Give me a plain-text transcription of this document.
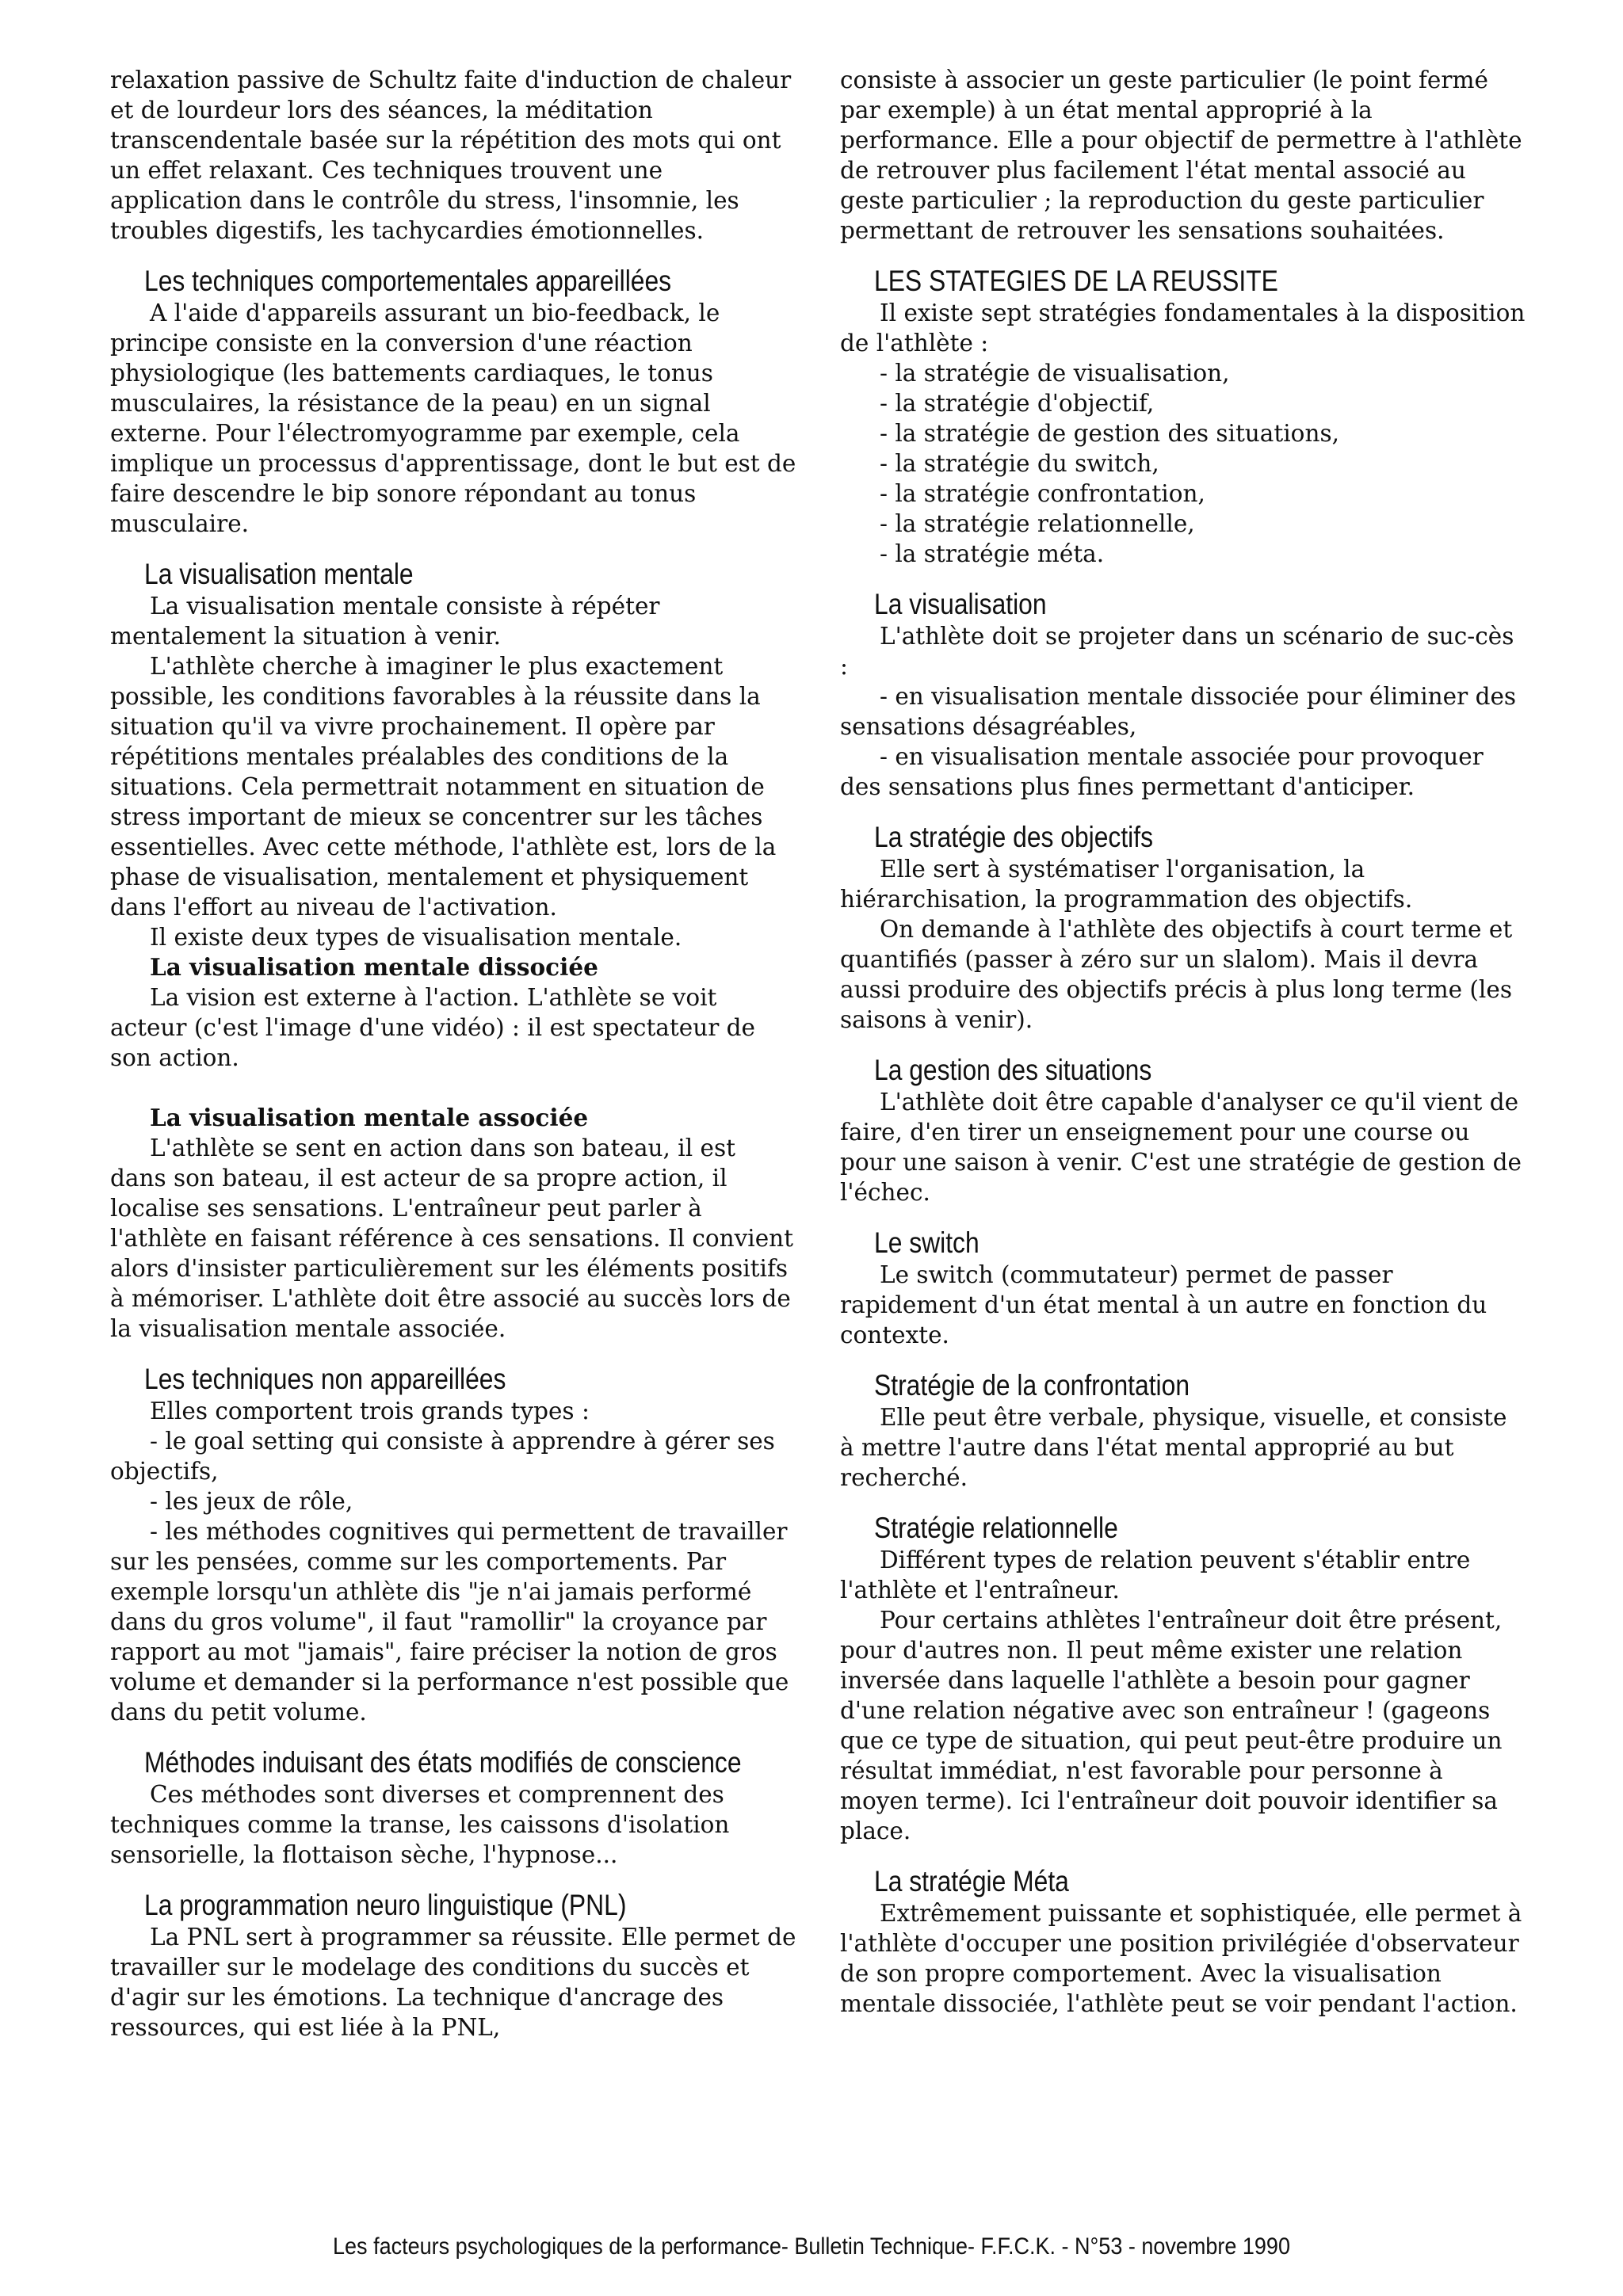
relaxation passive de Schultz faite d'induction de chaleur et de lourdeur lors des séances, la méditation transcendentale basée sur la répétition des mots qui ont un effet relaxant. Ces techniques trouvent une application dans le contrôle du stress, l'insomnie, les troubles digestifs, les tachycardies émotionnelles.

Les techniques comportementales appareillées

A l'aide d'appareils assurant un bio-feedback, le principe consiste en la conversion d'une réaction physiologique (les battements cardiaques, le tonus musculaires, la résistance de la peau) en un signal externe. Pour l'électromyogramme par exemple, cela implique un processus d'apprentissage, dont le but est de faire descendre le bip sonore répondant au tonus musculaire.

La visualisation mentale

La visualisation mentale consiste à répéter mentalement la situation à venir.

L'athlète cherche à imaginer le plus exactement possible, les conditions favorables à la réussite dans la situation qu'il va vivre prochainement. Il opère par répétitions mentales préalables des conditions de la situations. Cela permettrait notamment en situation de stress important de mieux se concentrer sur les tâches essentielles. Avec cette méthode, l'athlète est, lors de la phase de visualisation, mentalement et physiquement dans l'effort au niveau de l'activation.

Il existe deux types de visualisation mentale.

La visualisation mentale dissociée

La vision est externe à l'action. L'athlète se voit acteur (c'est l'image d'une vidéo) : il est spectateur de son action.

La visualisation mentale associée

L'athlète se sent en action dans son bateau, il est dans son bateau, il est acteur de sa propre action, il localise ses sensations. L'entraîneur peut parler à l'athlète en faisant référence à ces sensations. Il convient alors d'insister particulièrement sur les éléments positifs à mémoriser. L'athlète doit être associé au succès lors de la visualisation mentale associée.

Les techniques non appareillées

Elles comportent trois grands types :

- le goal setting qui consiste à apprendre à gérer ses objectifs,

- les jeux de rôle,

- les méthodes cognitives qui permettent de travailler sur les pensées, comme sur les comportements. Par exemple lorsqu'un athlète dis "je n'ai jamais performé dans du gros volume", il faut "ramollir" la croyance par rapport au mot "jamais", faire préciser la notion de gros volume et demander si la performance n'est possible que dans du petit volume.

Méthodes induisant des états modifiés de conscience

Ces méthodes sont diverses et comprennent des techniques comme la transe, les caissons d'isolation sensorielle, la flottaison sèche, l'hypnose...

La programmation neuro linguistique (PNL)

La PNL sert à programmer sa réussite. Elle permet de travailler sur le modelage des conditions du succès et d'agir sur les émotions. La technique d'ancrage des ressources, qui est liée à la PNL,

consiste à associer un geste particulier (le point fermé par exemple) à un état mental approprié à la performance. Elle a pour objectif de permettre à l'athlète de retrouver plus facilement l'état mental associé au geste particulier ; la reproduction du geste particulier permettant de retrouver les sensations souhaitées.

LES STATEGIES DE LA REUSSITE

Il existe sept stratégies fondamentales à la disposition de l'athlète :

- la stratégie de visualisation,

- la stratégie d'objectif,

- la stratégie de gestion des situations,

- la stratégie du switch,

- la stratégie confrontation,

- la stratégie relationnelle,

- la stratégie méta.

La visualisation

L'athlète doit se projeter dans un scénario de suc-cès :

- en visualisation mentale dissociée pour éliminer des sensations désagréables,

- en visualisation mentale associée pour provoquer des sensations plus fines permettant d'anticiper.

La stratégie des objectifs

Elle sert à systématiser l'organisation, la hiérarchisation, la programmation des objectifs.

On demande à l'athlète des objectifs à court terme et quantifiés (passer à zéro sur un slalom). Mais il devra aussi produire des objectifs précis à plus long terme (les saisons à venir).

La gestion des situations

L'athlète doit être capable d'analyser ce qu'il vient de faire, d'en tirer un enseignement pour une course ou pour une saison à venir. C'est une stratégie de gestion de l'échec.

Le switch

Le switch (commutateur) permet de passer rapidement d'un état mental à un autre en fonction du contexte.

Stratégie de la confrontation

Elle peut être verbale, physique, visuelle, et consiste à mettre l'autre dans l'état mental approprié au but recherché.

Stratégie relationnelle

Différent types de relation peuvent s'établir entre l'athlète et l'entraîneur.

Pour certains athlètes l'entraîneur doit être présent, pour d'autres non. Il peut même exister une relation inversée dans laquelle l'athlète a besoin pour gagner d'une relation négative avec son entraîneur ! (gageons que ce type de situation, qui peut peut-être produire un résultat immédiat, n'est favorable pour personne à moyen terme). Ici l'entraîneur doit pouvoir identifier sa place.

La stratégie Méta

Extrêmement puissante et sophistiquée, elle permet à l'athlète d'occuper une position privilégiée d'observateur de son propre comportement. Avec la visualisation mentale dissociée, l'athlète peut se voir pendant l'action.

Les facteurs psychologiques de la performance- Bulletin Technique- F.F.C.K. - N°53 - novembre 1990
